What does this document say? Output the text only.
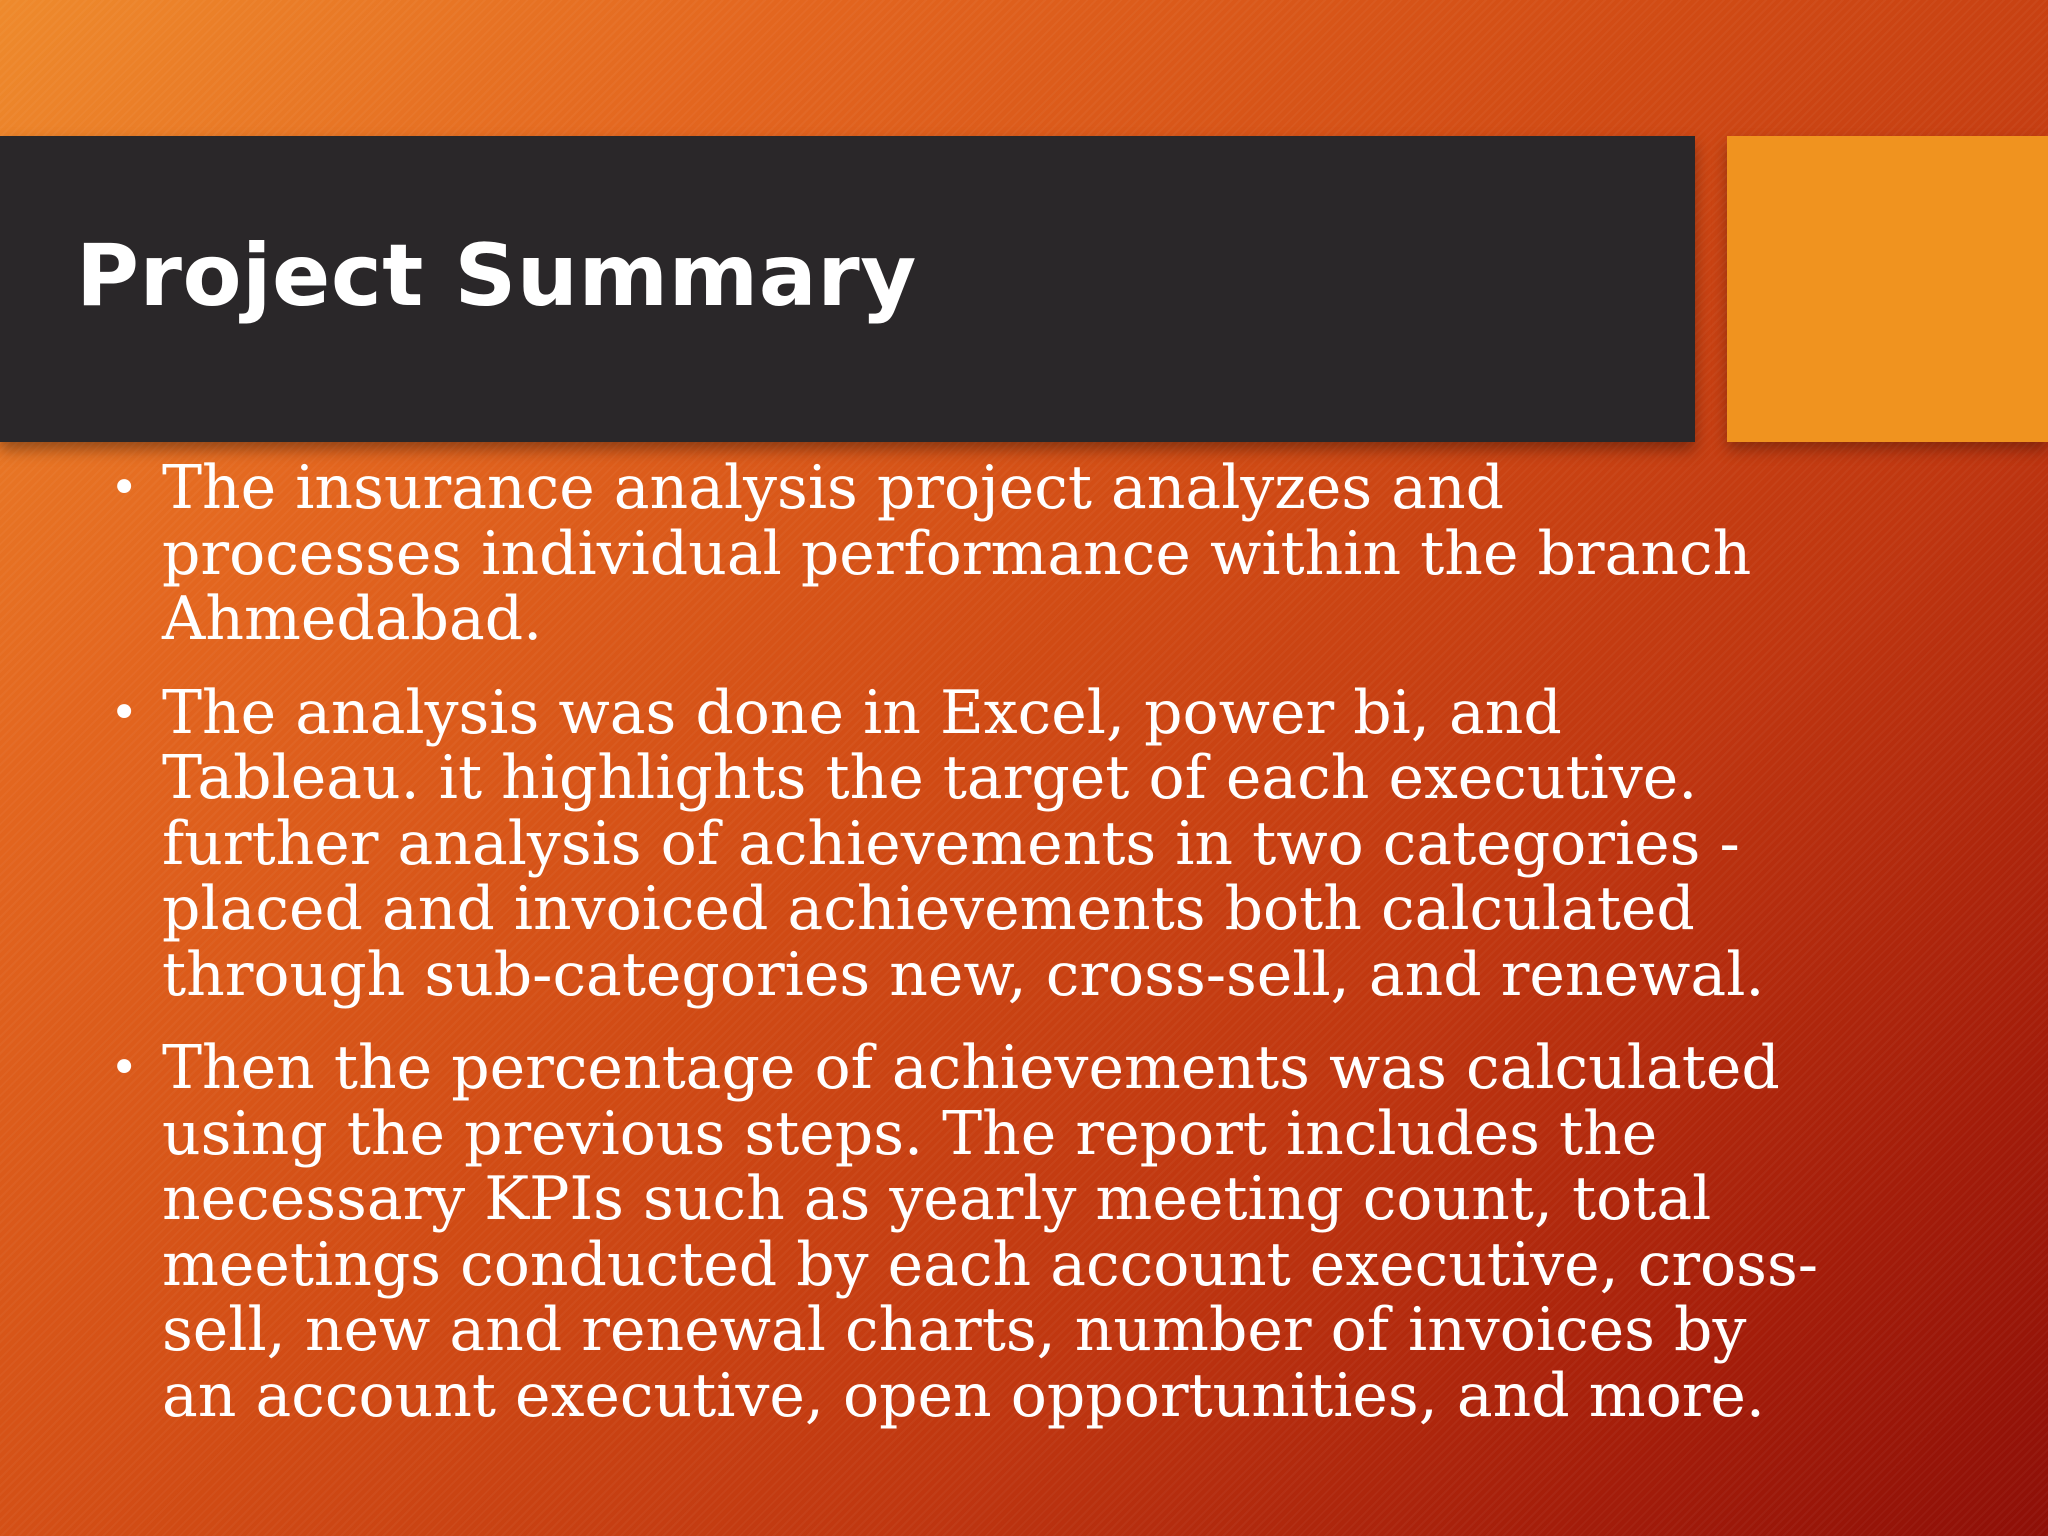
Project Summary
• The insurance analysis project analyzes and
processes individual performance within the branch
Ahmedabad.
• The analysis was done in Excel, power bi, and
Tableau. it highlights the target of each executive.
further analysis of achievements in two categories -
placed and invoiced achievements both calculated
through sub-categories new, cross-sell, and renewal.
• Then the percentage of achievements was calculated
using the previous steps. The report includes the
necessary KPIs such as yearly meeting count, total
meetings conducted by each account executive, cross-
sell, new and renewal charts, number of invoices by
an account executive, open opportunities, and more.
